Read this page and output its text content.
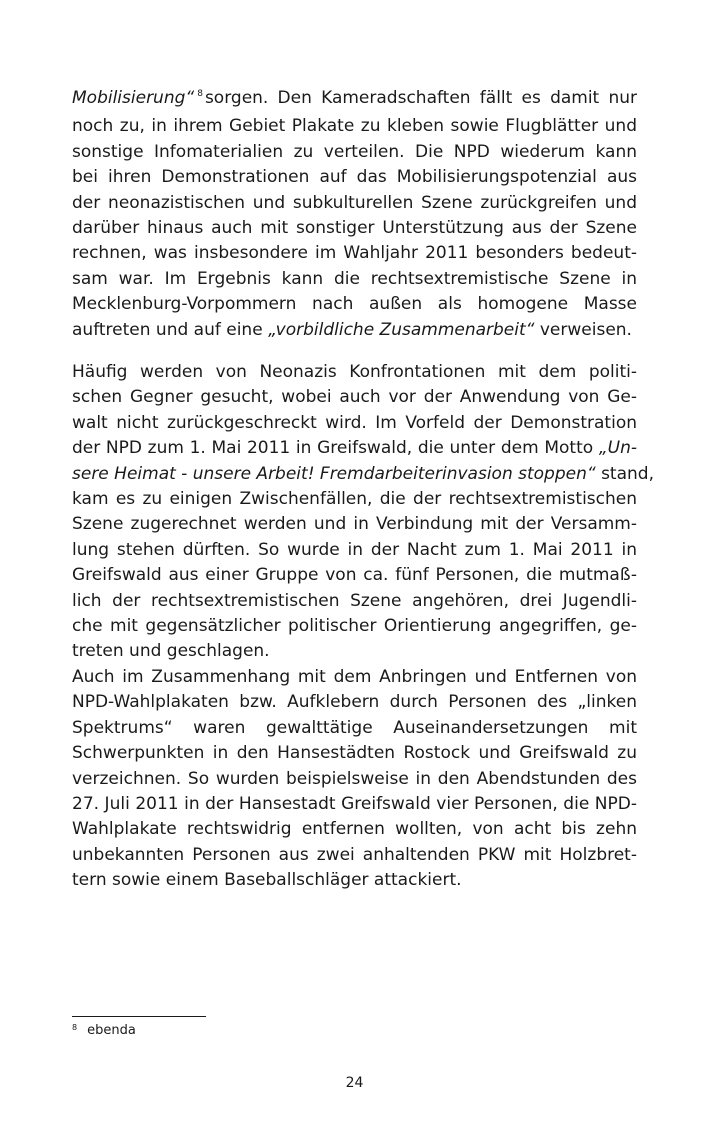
Mobilisierung“ $^8$ sorgen. Den Kameradschaften fällt es damit nur
noch zu, in ihrem Gebiet Plakate zu kleben sowie Flugblätter und
sonstige Infomaterialien zu verteilen. Die NPD wiederum kann
bei ihren Demonstrationen auf das Mobilisierungspotenzial aus
der neonazistischen und subkulturellen Szene zurückgreifen und
darüber hinaus auch mit sonstiger Unterstützung aus der Szene
rechnen, was insbesondere im Wahljahr 2011 besonders bedeut-
sam war. Im Ergebnis kann die rechtsextremistische Szene in
Mecklenburg-Vorpommern nach außen als homogene Masse
auftreten und auf eine „vorbildliche Zusammenarbeit“ verweisen.
Häufig werden von Neonazis Konfrontationen mit dem politi-
schen Gegner gesucht, wobei auch vor der Anwendung von Ge-
walt nicht zurückgeschreckt wird. Im Vorfeld der Demonstration
der NPD zum 1. Mai 2011 in Greifswald, die unter dem Motto „Un-
sere Heimat - unsere Arbeit! Fremdarbeiterinvasion stoppen“ stand,
kam es zu einigen Zwischenfällen, die der rechtsextremistischen
Szene zugerechnet werden und in Verbindung mit der Versamm-
lung stehen dürften. So wurde in der Nacht zum 1. Mai 2011 in
Greifswald aus einer Gruppe von ca. fünf Personen, die mutmaß-
lich der rechtsextremistischen Szene angehören, drei Jugendli-
che mit gegensätzlicher politischer Orientierung angegriffen, ge-
treten und geschlagen.
Auch im Zusammenhang mit dem Anbringen und Entfernen von
NPD-Wahlplakaten bzw. Aufklebern durch Personen des „linken
Spektrums“ waren gewalttätige Auseinandersetzungen mit
Schwerpunkten in den Hansestädten Rostock und Greifswald zu
verzeichnen. So wurden beispielsweise in den Abendstunden des
27. Juli 2011 in der Hansestadt Greifswald vier Personen, die NPD-
Wahlplakate rechtswidrig entfernen wollten, von acht bis zehn
unbekannten Personen aus zwei anhaltenden PKW mit Holzbret-
tern sowie einem Baseballschläger attackiert.
$^8$ ebenda
24
